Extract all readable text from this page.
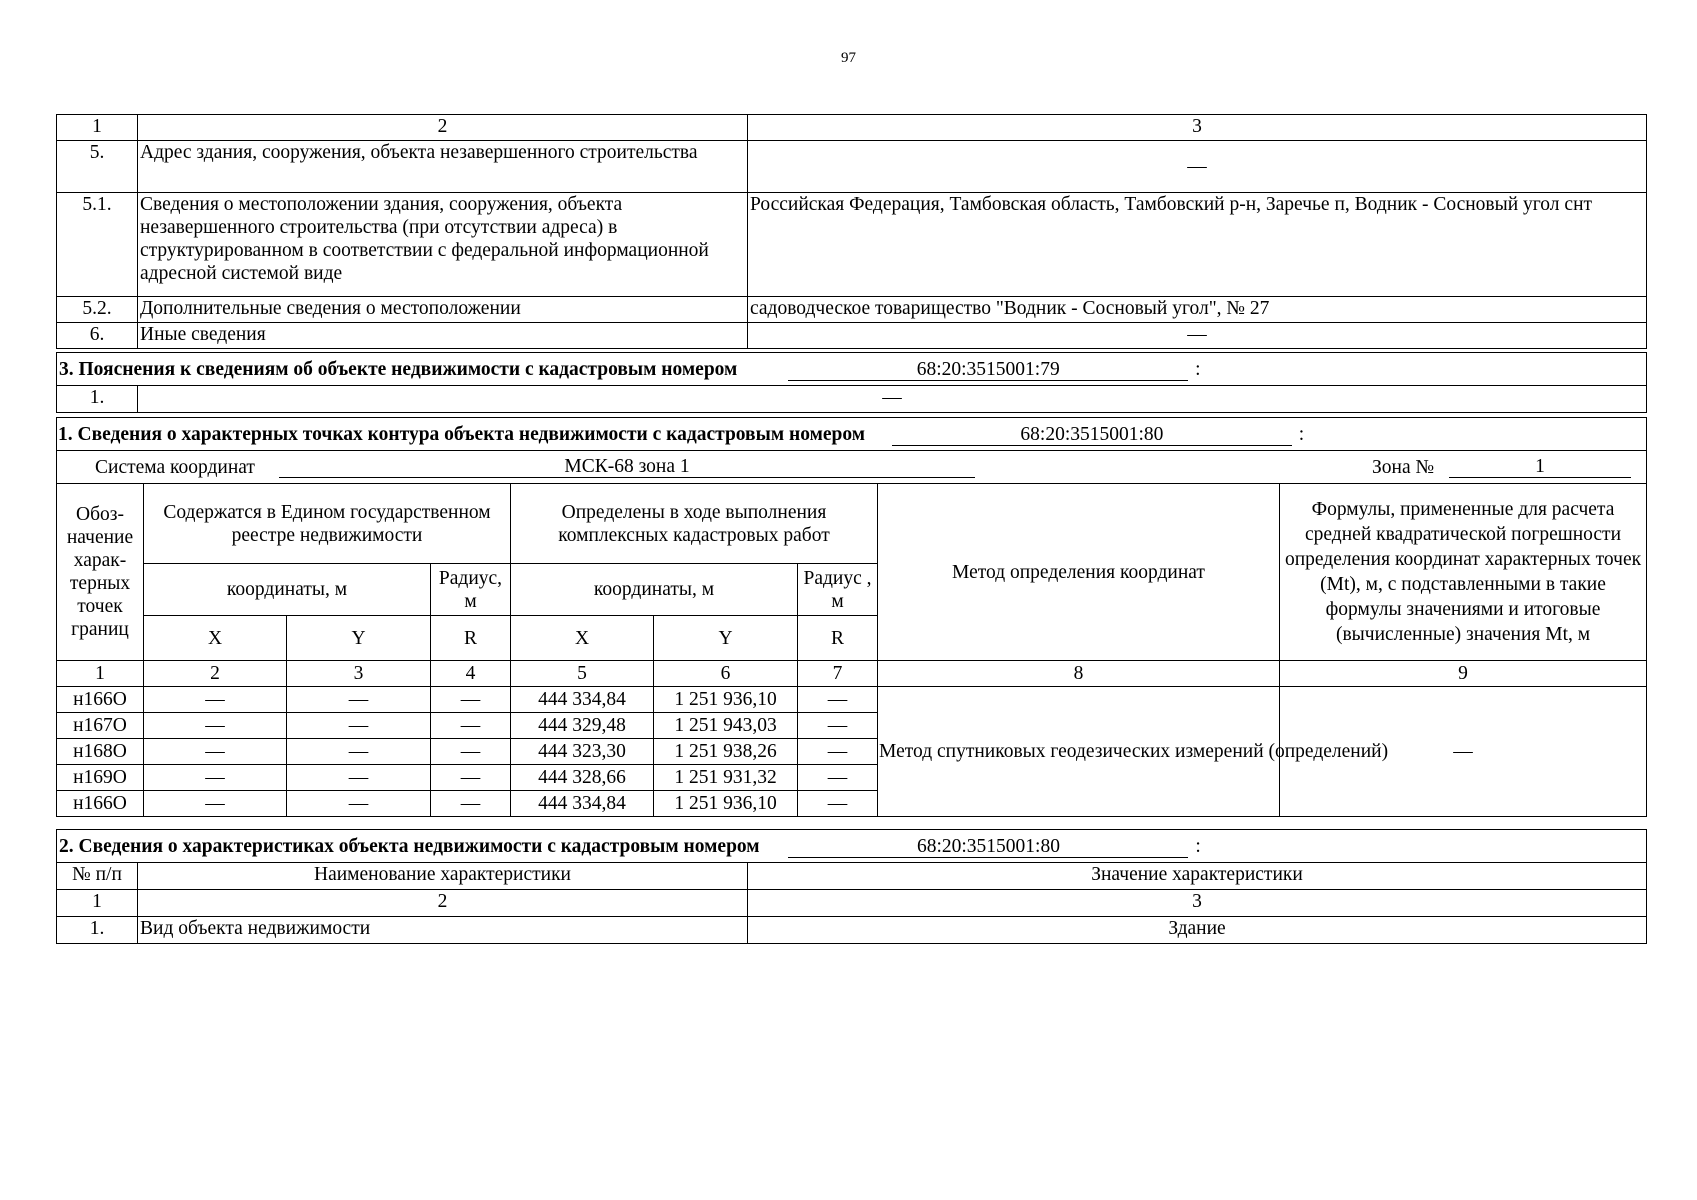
97
1	2	3
5.	Адрес здания, сооружения, объекта незавершенного строительства	—
5.1.	Сведения о местоположении здания, сооружения, объекта незавершенного строительства (при отсутствии адреса) в структурированном в соответствии с федеральной информационной адресной системой виде	Российская Федерация, Тамбовская область, Тамбовский р-н, Заречье п, Водник - Сосновый угол снт
5.2.	Дополнительные сведения о местоположении	садоводческое товарищество "Водник - Сосновый угол", № 27
6.	Иные сведения	—
3. Пояснения к сведениям об объекте недвижимости с кадастровым номером	68:20:3515001:79	:
1.	—
1. Сведения о характерных точках контура объекта недвижимости с кадастровым номером 68:20:3515001:80 :								

Система координат МСК-68 зона 1 Зона № 1								

Обоз-начение харак-терных точек границ	Содержатся в Едином государственном реестре недвижимости			Определены в ходе выполнения комплексных кадастровых работ			Метод определения координат	Формулы, примененные для расчета средней квадратической погрешности определения координат характерных точек (Mt), м, с подставленными в такие формулы значениями и итоговые (вычисленные) значения Mt, м
	координаты, м		Радиус, м	координаты, м		Радиус , м		
	X	Y	R	X	Y	R		
1	2	3	4	5	6	7	8	9
н166О	—	—	—	444 334,84	1 251 936,10	—	Метод спутниковых геодезических измерений (определений)	—
н167О	—	—	—	444 329,48	1 251 943,03	—		
н168О	—	—	—	444 323,30	1 251 938,26	—		
н169О	—	—	—	444 328,66	1 251 931,32	—		
н166О	—	—	—	444 334,84	1 251 936,10	—		
2. Сведения о характеристиках объекта недвижимости с кадастровым номером 68:20:3515001:80 :		
№ п/п	Наименование характеристики	Значение характеристики
1	2	3
1.	Вид объекта недвижимости	Здание
